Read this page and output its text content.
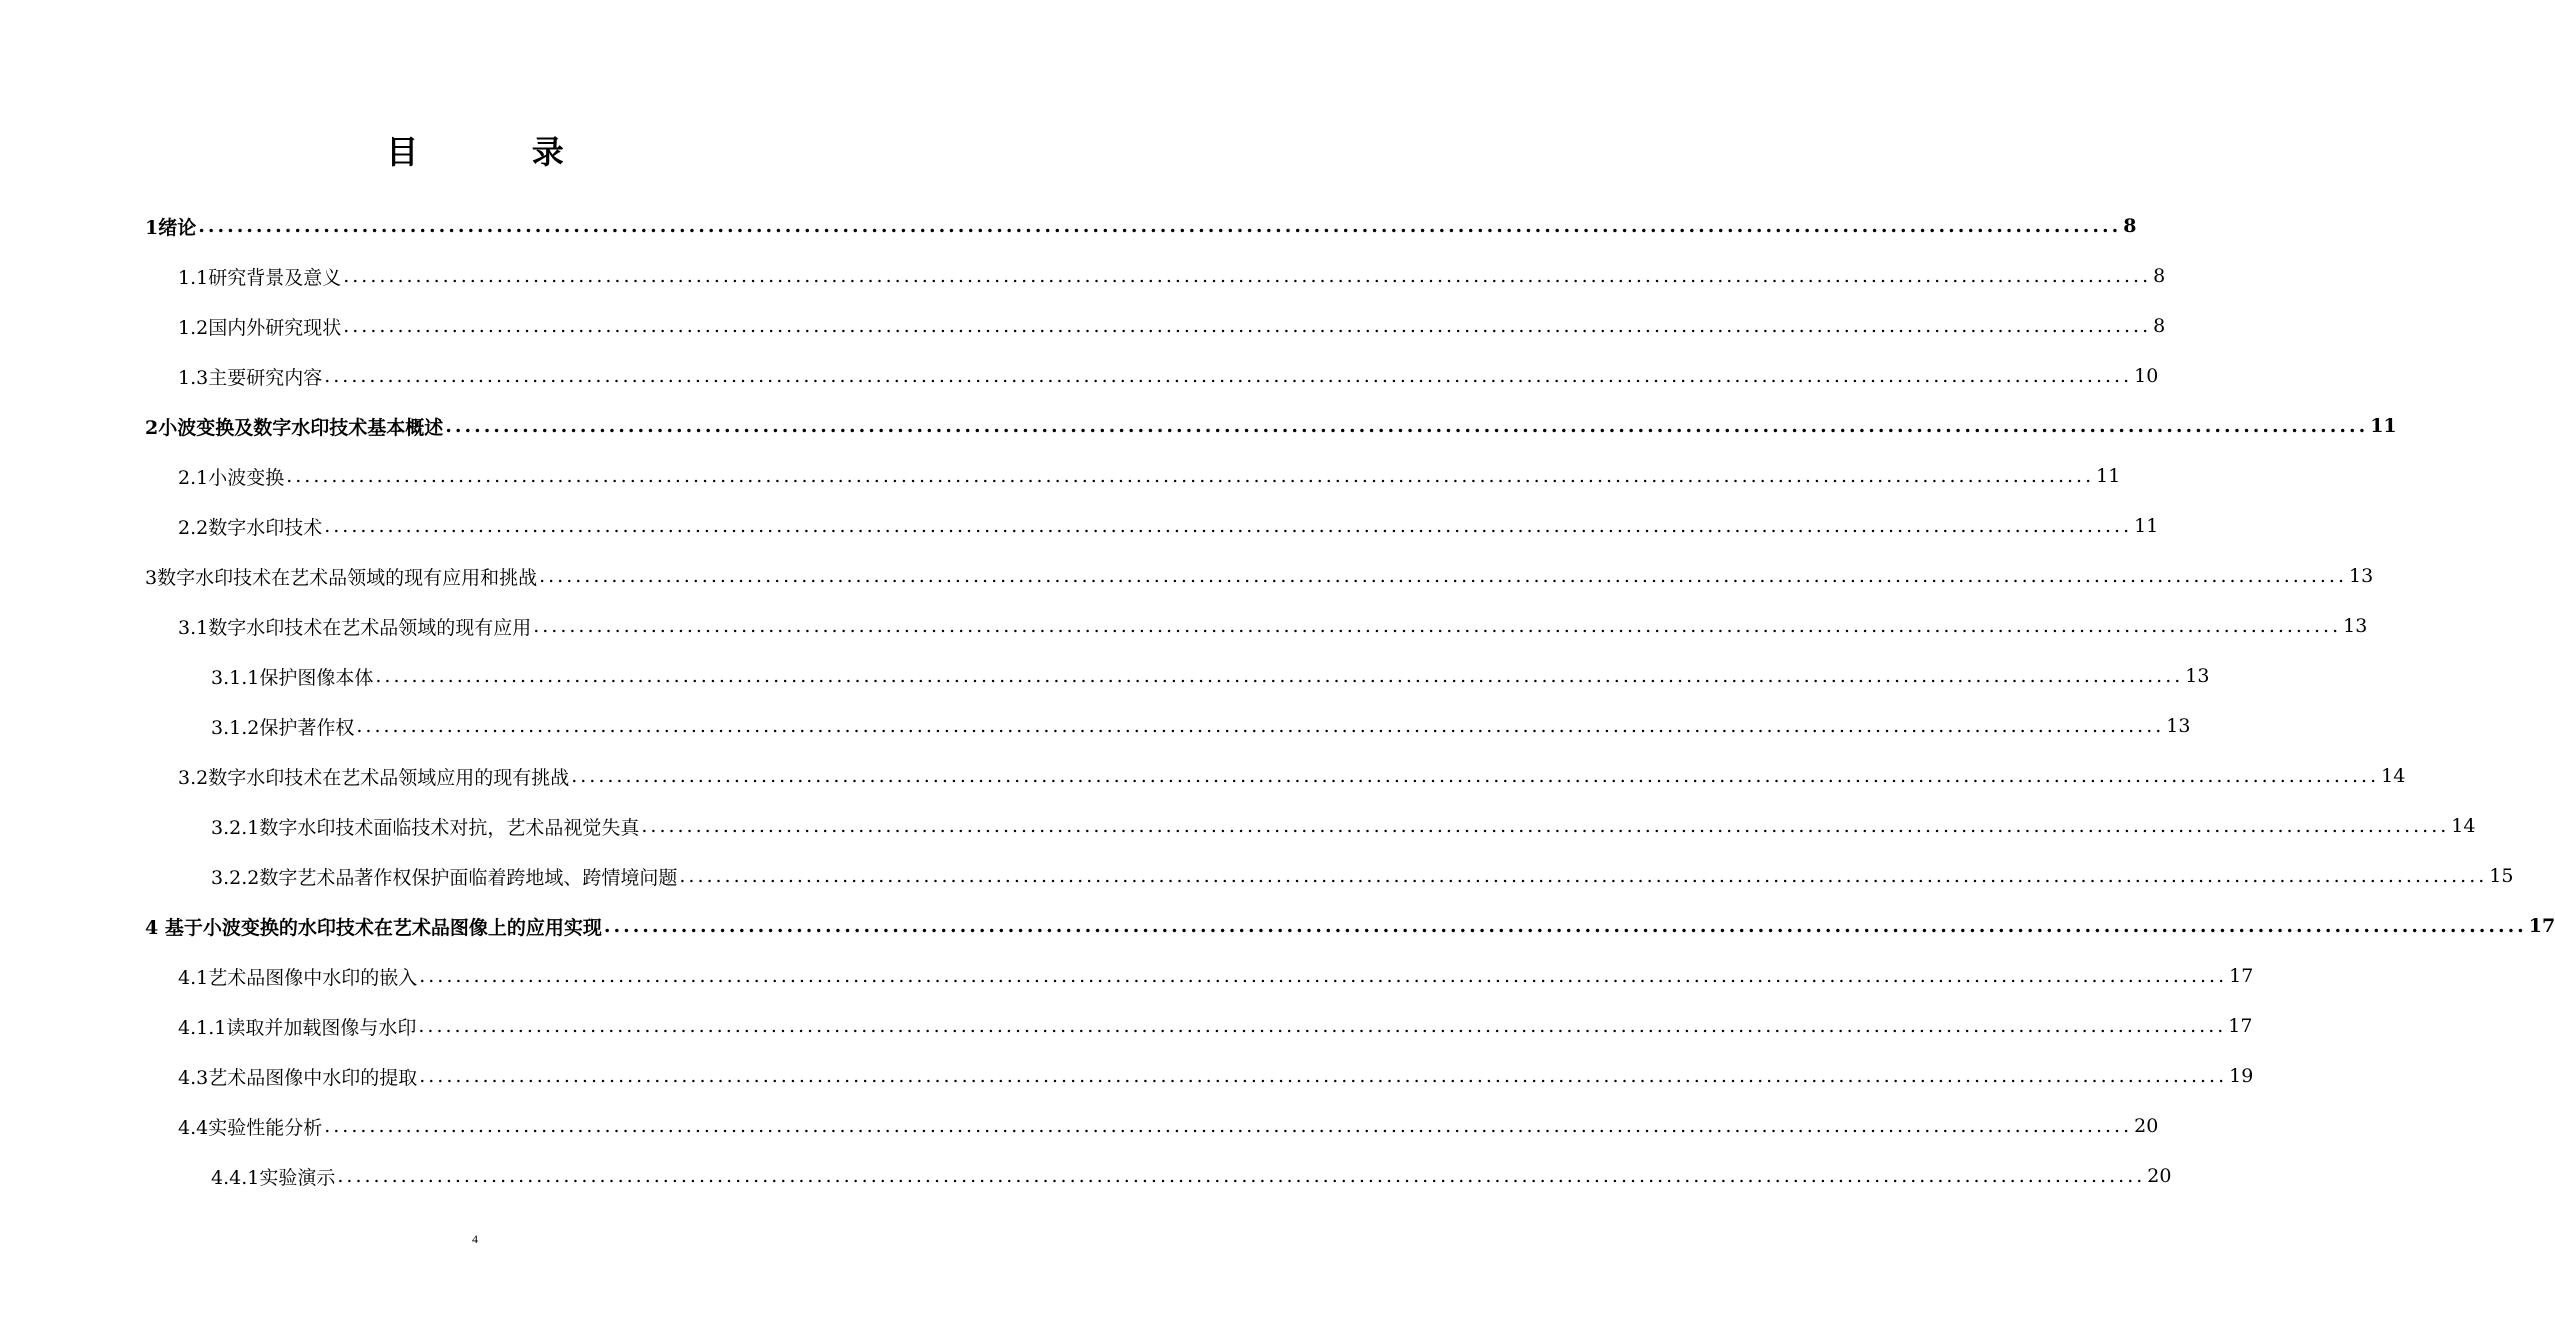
目 录
1绪论 ........................................................................................................................................................................................................ 8
1.1研究背景及意义 ........................................................................................................................................................................................................ 8
1.2国内外研究现状 ........................................................................................................................................................................................................ 8
1.3主要研究内容 ........................................................................................................................................................................................................ 10
2小波变换及数字水印技术基本概述 ........................................................................................................................................................................................................ 11
2.1小波变换 ........................................................................................................................................................................................................ 11
2.2数字水印技术 ........................................................................................................................................................................................................ 11
3数字水印技术在艺术品领域的现有应用和挑战 ........................................................................................................................................................................................................ 13
3.1数字水印技术在艺术品领域的现有应用 ........................................................................................................................................................................................................ 13
3.1.1保护图像本体 ........................................................................................................................................................................................................ 13
3.1.2保护著作权 ........................................................................................................................................................................................................ 13
3.2数字水印技术在艺术品领域应用的现有挑战 ........................................................................................................................................................................................................ 14
3.2.1数字水印技术面临技术对抗，艺术品视觉失真 ........................................................................................................................................................................................................ 14
3.2.2数字艺术品著作权保护面临着跨地域、跨情境问题 ........................................................................................................................................................................................................ 15
4 基于小波变换的水印技术在艺术品图像上的应用实现 ........................................................................................................................................................................................................ 17
4.1艺术品图像中水印的嵌入 ........................................................................................................................................................................................................ 17
4.1.1读取并加载图像与水印 ........................................................................................................................................................................................................ 17
4.3艺术品图像中水印的提取 ........................................................................................................................................................................................................ 19
4.4实验性能分析 ........................................................................................................................................................................................................ 20
4.4.1实验演示 ........................................................................................................................................................................................................ 20
4
